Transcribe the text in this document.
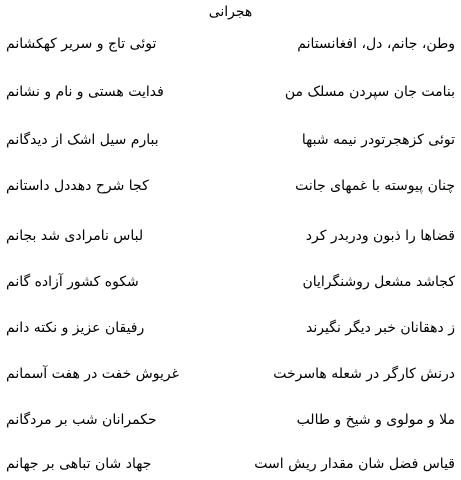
هجرانی
وطن، جانم، دل، افغانستانم
توئی تاج و سریر کهکشانم
بنامت جان سپردن مسلک من
فدایت هستی و نام و نشانم
توئی کزهجرتودر نیمه شبها
ببارم سیل اشک از دیدگانم
چنان پیوسته با غمهای جانت
کجا شرح دهددل داستانم
قضاها را ذبون ودربدر کرد
لباس نامرادی شد بجانم
کجاشد مشعل روشنگرایان
شکوه کشور آزاده گانم
ز دهقانان خبر دیگر نگیرند
رفیقان عزیز و نکته دانم
درنش کارگر در شعله هاسرخت
غریوش خفت در هفت آسمانم
ملا و مولوی و شیخ و طالب
حکمرانان شب بر مردگانم
قیاس فضل شان مقدار ریش است
جهاد شان تباهی بر جهانم
